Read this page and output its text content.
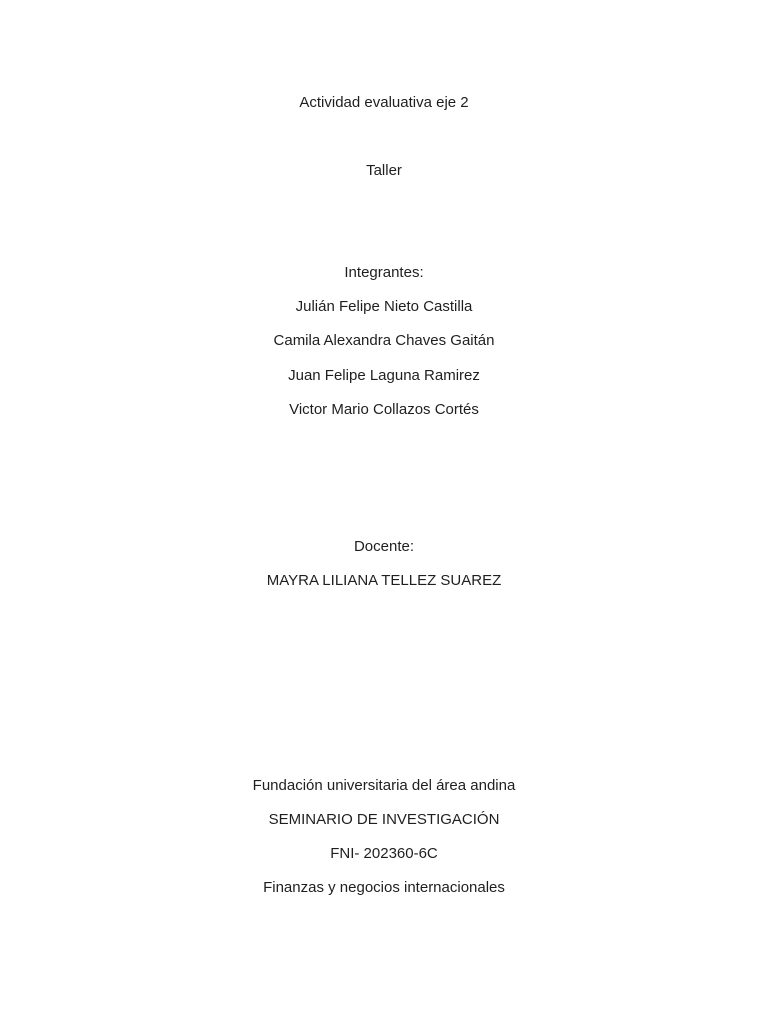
Actividad evaluativa eje 2
Taller
Integrantes:
Julián Felipe Nieto Castilla
Camila Alexandra Chaves Gaitán
Juan Felipe Laguna Ramirez
Victor Mario Collazos Cortés
Docente:
MAYRA LILIANA TELLEZ SUAREZ
Fundación universitaria del área andina
SEMINARIO DE INVESTIGACIÓN
FNI- 202360-6C
Finanzas y negocios internacionales
